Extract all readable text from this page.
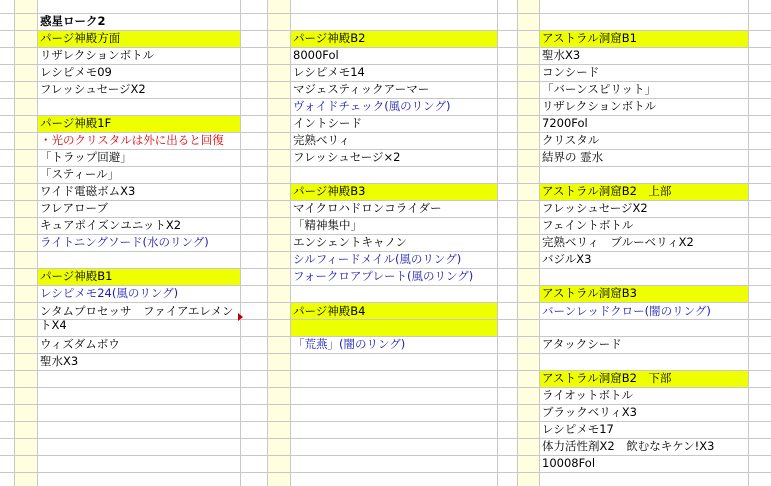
惑星ローク2
パージ神殿方面
リザレクションボトル
レシピメモ09
フレッシュセージX2
パージ神殿1F
・光のクリスタルは外に出ると回復
「トラップ回避」
「スティール」
ワイド電磁ボムX3
フレアローブ
キュアポイズンユニットX2
ライトニングソード(水のリング)
パージ神殿B1
レシピメモ24(風のリング)
ンタムプロセッサ　ファイアエレメントX4
ウィズダムボウ
聖水X3
パージ神殿B2
8000Fol
レシピメモ14
マジェスティックアーマー
ヴォイドチェック(風のリング)
イントシード
完熟ベリィ
フレッシュセージ×2
パージ神殿B3
マイクロハドロンコライダー
「精神集中」
エンシェントキャノン
シルフィードメイル(風のリング)
フォークロアプレート(風のリング)
パージ神殿B4
「荒燕」(闇のリング)
アストラル洞窟B1
聖水X3
コンシード
「バーンスピリット」
リザレクションボトル
7200Fol
クリスタル
結界の 霊水
アストラル洞窟B2　上部
フレッシュセージX2
フェイントボトル
完熟ベリィ　ブルーベリィX2
バジルX3
アストラル洞窟B3
バーンレッドクロー(闇のリング)
アタックシード
アストラル洞窟B2　下部
ライオットボトル
ブラックベリィX3
レシピメモ17
体力活性剤X2　飲むなキケン!X3
10008Fol
